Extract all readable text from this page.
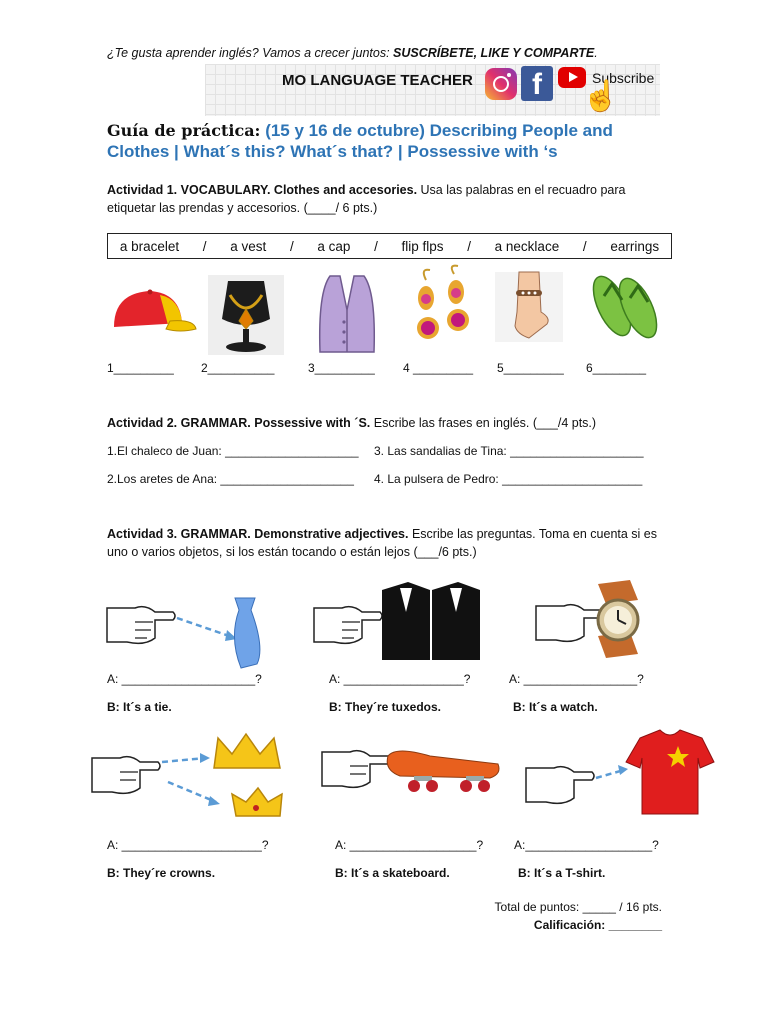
¿Te gusta aprender inglés? Vamos a crecer juntos: SUSCRÍBETE, LIKE Y COMPARTE.
MO LANGUAGE TEACHER	f	Subscribe
☝
Guía de práctica: (15 y 16 de octubre) Describing People and Clothes | What´s this? What´s that? | Possessive with ‘s
Actividad 1. VOCABULARY. Clothes and accesories. Usa las palabras en el recuadro para etiquetar las prendas y accesorios. (____/ 6 pts.)
a bracelet / a vest / a cap / flip flps / a necklace / earrings
1_________ 2__________	3_________ 4 _________ 5_________ 6________
Actividad 2. GRAMMAR. Possessive with ´S. Escribe las frases en inglés. (___/4 pts.)
1.El chaleco de Juan: ____________________ 3. Las sandalias de Tina: ____________________
2.Los aretes de Ana: ____________________ 4. La pulsera de Pedro: _____________________
Actividad 3. GRAMMAR. Demonstrative adjectives. Escribe las preguntas. Toma en cuenta si es uno o varios objetos, si los están tocando o están lejos (___/6 pts.)
A: ____________________?	A: __________________?	A: _________________?
B: It´s a tie.	B: They´re tuxedos.	B: It´s a watch.
A: _____________________?	A: ___________________?	A:___________________?
B: They´re crowns.	B: It´s a skateboard.	B: It´s a T-shirt.
Total de puntos: _____ / 16 pts.
Calificación: ________
